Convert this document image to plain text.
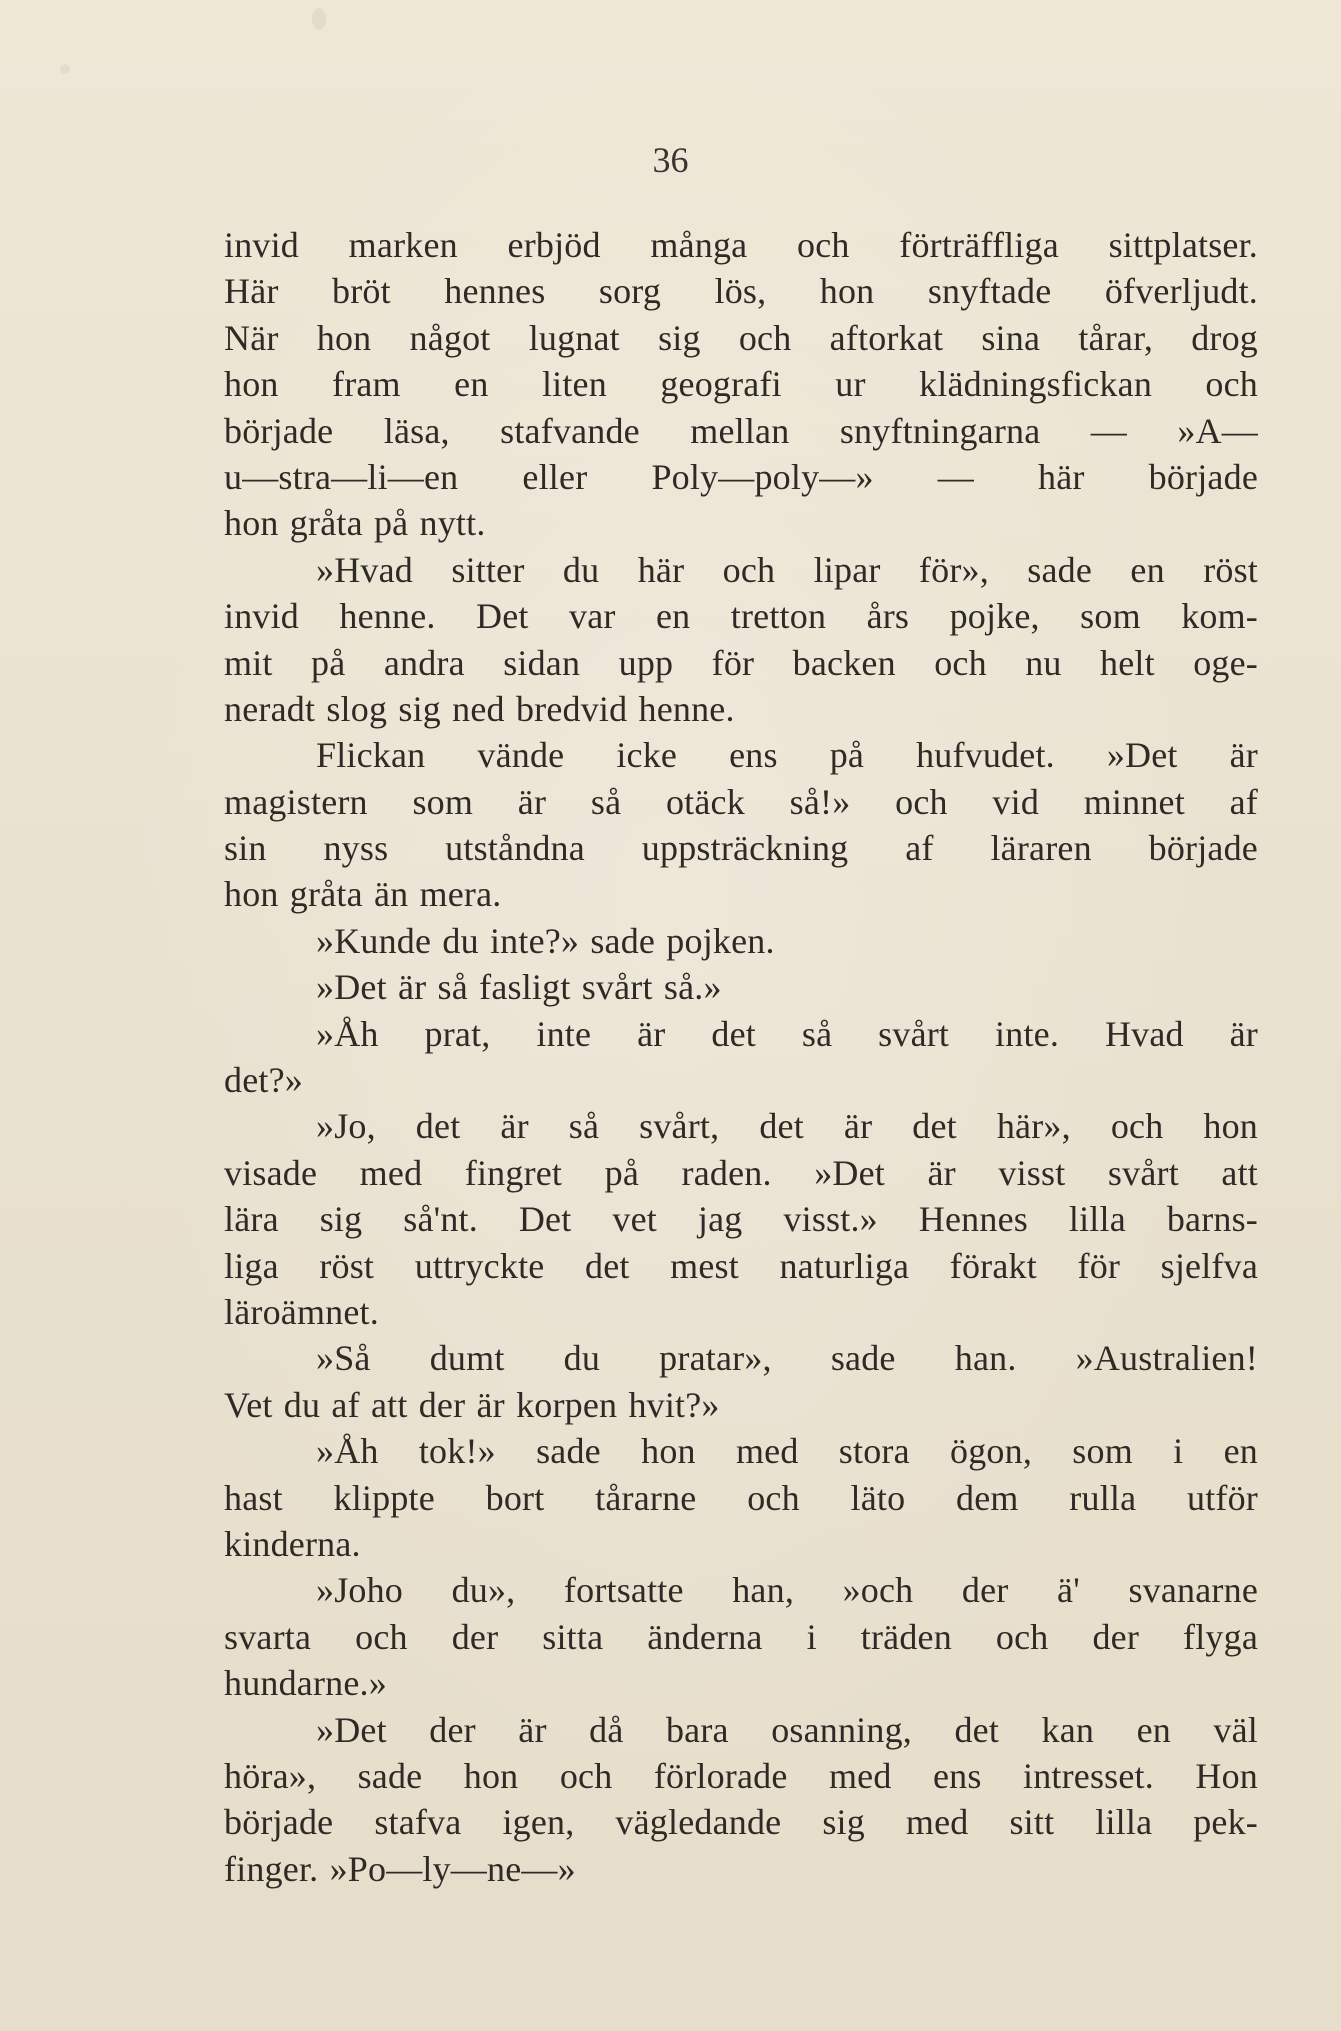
36
invid marken erbjöd många och förträffliga sittplatser.
Här bröt hennes sorg lös, hon snyftade öfverljudt.
När hon något lugnat sig och aftorkat sina tårar, drog
hon fram en liten geografi ur klädningsfickan och
började läsa, stafvande mellan snyftningarna — »A—
u—stra—li—en eller Poly—poly—» — här började
hon gråta på nytt.
»Hvad sitter du här och lipar för», sade en röst
invid henne. Det var en tretton års pojke, som kom-
mit på andra sidan upp för backen och nu helt oge-
neradt slog sig ned bredvid henne.
Flickan vände icke ens på hufvudet. »Det är
magistern som är så otäck så!» och vid minnet af
sin nyss utståndna uppsträckning af läraren började
hon gråta än mera.
»Kunde du inte?» sade pojken.
»Det är så fasligt svårt så.»
»Åh prat, inte är det så svårt inte. Hvad är
det?»
»Jo, det är så svårt, det är det här», och hon
visade med fingret på raden. »Det är visst svårt att
lära sig så'nt. Det vet jag visst.» Hennes lilla barns-
liga röst uttryckte det mest naturliga förakt för sjelfva
läroämnet.
»Så dumt du pratar», sade han. »Australien!
Vet du af att der är korpen hvit?»
»Åh tok!» sade hon med stora ögon, som i en
hast klippte bort tårarne och läto dem rulla utför
kinderna.
»Joho du», fortsatte han, »och der ä' svanarne
svarta och der sitta änderna i träden och der flyga
hundarne.»
»Det der är då bara osanning, det kan en väl
höra», sade hon och förlorade med ens intresset. Hon
började stafva igen, vägledande sig med sitt lilla pek-
finger. »Po—ly—ne—»
